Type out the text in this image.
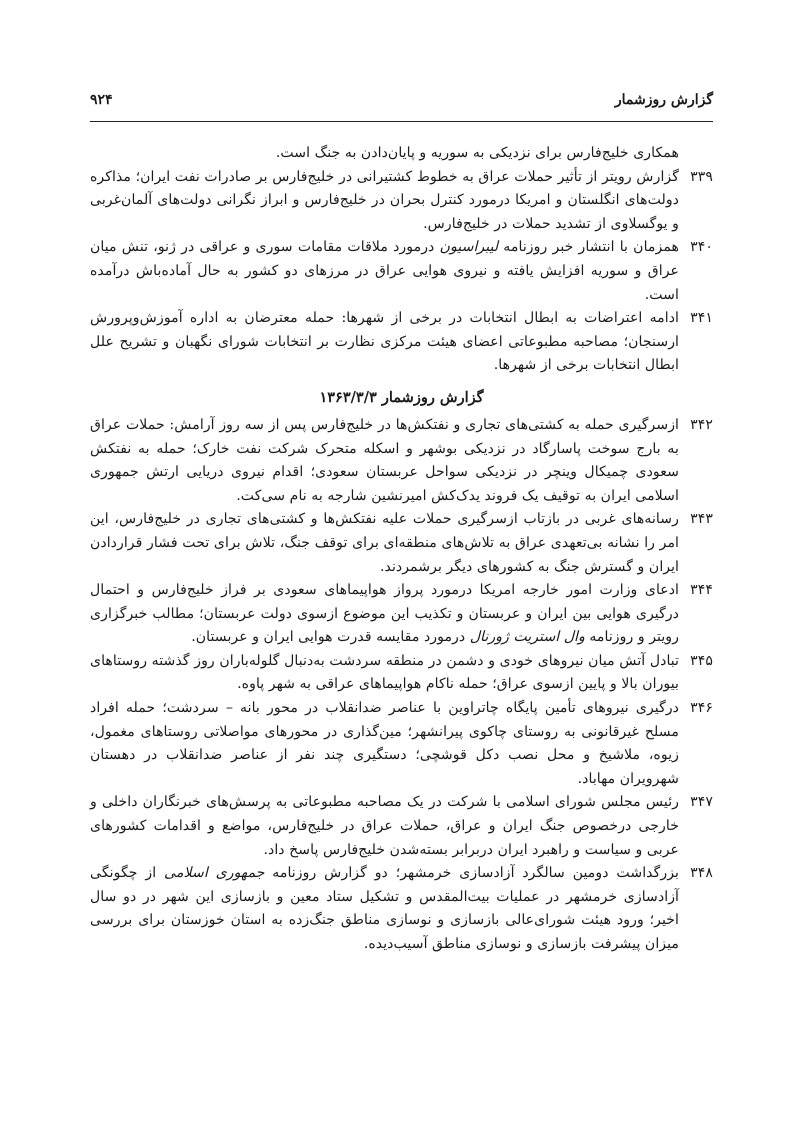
گزارش روزشمار
۹۲۴
همکاری خلیج‌فارس برای نزدیکی به سوریه و پایان‌دادن به جنگ است.
۳۳۹
گزارش رویتر از تأثیر حملات عراق به خطوط کشتیرانی در خلیج‌فارس بر صادرات نفت ایران؛ مذاکره دولت‌های انگلستان و امریکا درمورد کنترل بحران در خلیج‌فارس و ابراز نگرانی دولت‌های آلمان‌غربی و یوگسلاوی از تشدید حملات در خلیج‌فارس.
۳۴۰
همزمان با انتشار خبر روزنامه لیبراسیون درمورد ملاقات مقامات سوری و عراقی در ژنو، تنش میان عراق و سوریه افزایش یافته و نیروی هوایی عراق در مرزهای دو کشور به حال آماده‌باش درآمده است.
۳۴۱
ادامه اعتراضات به ابطال انتخابات در برخی از شهرها: حمله معترضان به اداره آموزش‌وپرورش ارسنجان؛ مصاحبه مطبوعاتی اعضای هیئت مرکزی نظارت بر انتخابات شورای نگهبان و تشریح علل ابطال انتخابات برخی از شهرها.
گزارش روزشمار ۱۳۶۳/۳/۳
۳۴۲
ازسرگیری حمله به کشتی‌های تجاری و نفتکش‌ها در خلیج‌فارس پس از سه روز آرامش: حملات عراق به بارج سوخت پاسارگاد در نزدیکی بوشهر و اسکله متحرک شرکت نفت خارک؛ حمله به نفتکش سعودی چمیکال وینچر در نزدیکی سواحل عربستان سعودی؛ اقدام نیروی دریایی ارتش جمهوری اسلامی ایران به توقیف یک فروند یدک‌کش امیرنشین شارجه به نام سی‌کت.
۳۴۳
رسانه‌های غربی در بازتاب ازسرگیری حملات علیه نفتکش‌ها و کشتی‌های تجاری در خلیج‌فارس، این امر را نشانه بی‌تعهدی عراق به تلاش‌های منطقه‌ای برای توقف جنگ، تلاش برای تحت فشار قراردادن ایران و گسترش جنگ به کشورهای دیگر برشمردند.
۳۴۴
ادعای وزارت امور خارجه امریکا درمورد پرواز هواپیماهای سعودی بر فراز خلیج‌فارس و احتمال درگیری هوایی بین ایران و عربستان و تکذیب این موضوع ازسوی دولت عربستان؛ مطالب خبرگزاری رویتر و روزنامه وال استریت ژورنال درمورد مقایسه قدرت هوایی ایران و عربستان.
۳۴۵
تبادل آتش میان نیروهای خودی و دشمن در منطقه سردشت به‌دنبال گلوله‌باران روز گذشته روستاهای بیوران بالا و پایین ازسوی عراق؛ حمله ناکام هواپیماهای عراقی به شهر پاوه.
۳۴۶
درگیری نیروهای تأمین پایگاه چاتراوین با عناصر ضدانقلاب در محور بانه – سردشت؛ حمله افراد مسلح غیرقانونی به روستای چاکوی پیرانشهر؛ مین‌گذاری در محورهای مواصلاتی روستاهای مغمول، زیوه، ملاشیخ و محل نصب دکل قوشچی؛ دستگیری چند نفر از عناصر ضدانقلاب در دهستان شهرویران مهاباد.
۳۴۷
رئیس مجلس شورای اسلامی با شرکت در یک مصاحبه مطبوعاتی به پرسش‌های خبرنگاران داخلی و خارجی درخصوص جنگ ایران و عراق، حملات عراق در خلیج‌فارس، مواضع و اقدامات کشورهای عربی و سیاست و راهبرد ایران دربرابر بسته‌شدن خلیج‌فارس پاسخ داد.
۳۴۸
بزرگداشت دومین سالگرد آزادسازی خرمشهر؛ دو گزارش روزنامه جمهوری اسلامی از چگونگی آزادسازی خرمشهر در عملیات بیت‌المقدس و تشکیل ستاد معین و بازسازی این شهر در دو سال اخیر؛ ورود هیئت شورای‌عالی بازسازی و نوسازی مناطق جنگ‌زده به استان خوزستان برای بررسی میزان پیشرفت بازسازی و نوسازی مناطق آسیب‌دیده.
